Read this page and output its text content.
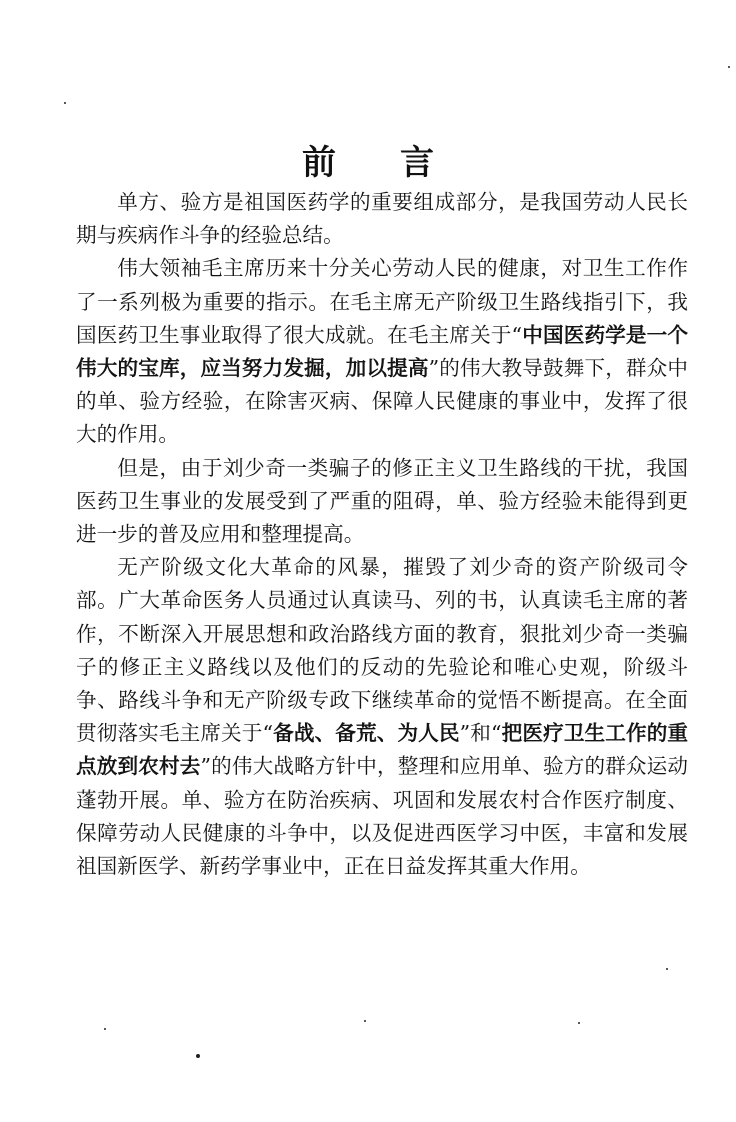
前 言

单方、验方是祖国医药学的重要组成部分，是我国劳动人民长期与疾病作斗争的经验总结。

伟大领袖毛主席历来十分关心劳动人民的健康，对卫生工作作了一系列极为重要的指示。在毛主席无产阶级卫生路线指引下，我国医药卫生事业取得了很大成就。在毛主席关于“中国医药学是一个伟大的宝库，应当努力发掘，加以提高”的伟大教导鼓舞下，群众中的单、验方经验，在除害灭病、保障人民健康的事业中，发挥了很大的作用。

但是，由于刘少奇一类骗子的修正主义卫生路线的干扰，我国医药卫生事业的发展受到了严重的阻碍，单、验方经验未能得到更进一步的普及应用和整理提高。

无产阶级文化大革命的风暴，摧毁了刘少奇的资产阶级司令部。广大革命医务人员通过认真读马、列的书，认真读毛主席的著作，不断深入开展思想和政治路线方面的教育，狠批刘少奇一类骗子的修正主义路线以及他们的反动的先验论和唯心史观，阶级斗争、路线斗争和无产阶级专政下继续革命的觉悟不断提高。在全面贯彻落实毛主席关于“备战、备荒、为人民”和“把医疗卫生工作的重点放到农村去”的伟大战略方针中，整理和应用单、验方的群众运动蓬勃开展。单、验方在防治疾病、巩固和发展农村合作医疗制度、保障劳动人民健康的斗争中，以及促进西医学习中医，丰富和发展祖国新医学、新药学事业中，正在日益发挥其重大作用。
